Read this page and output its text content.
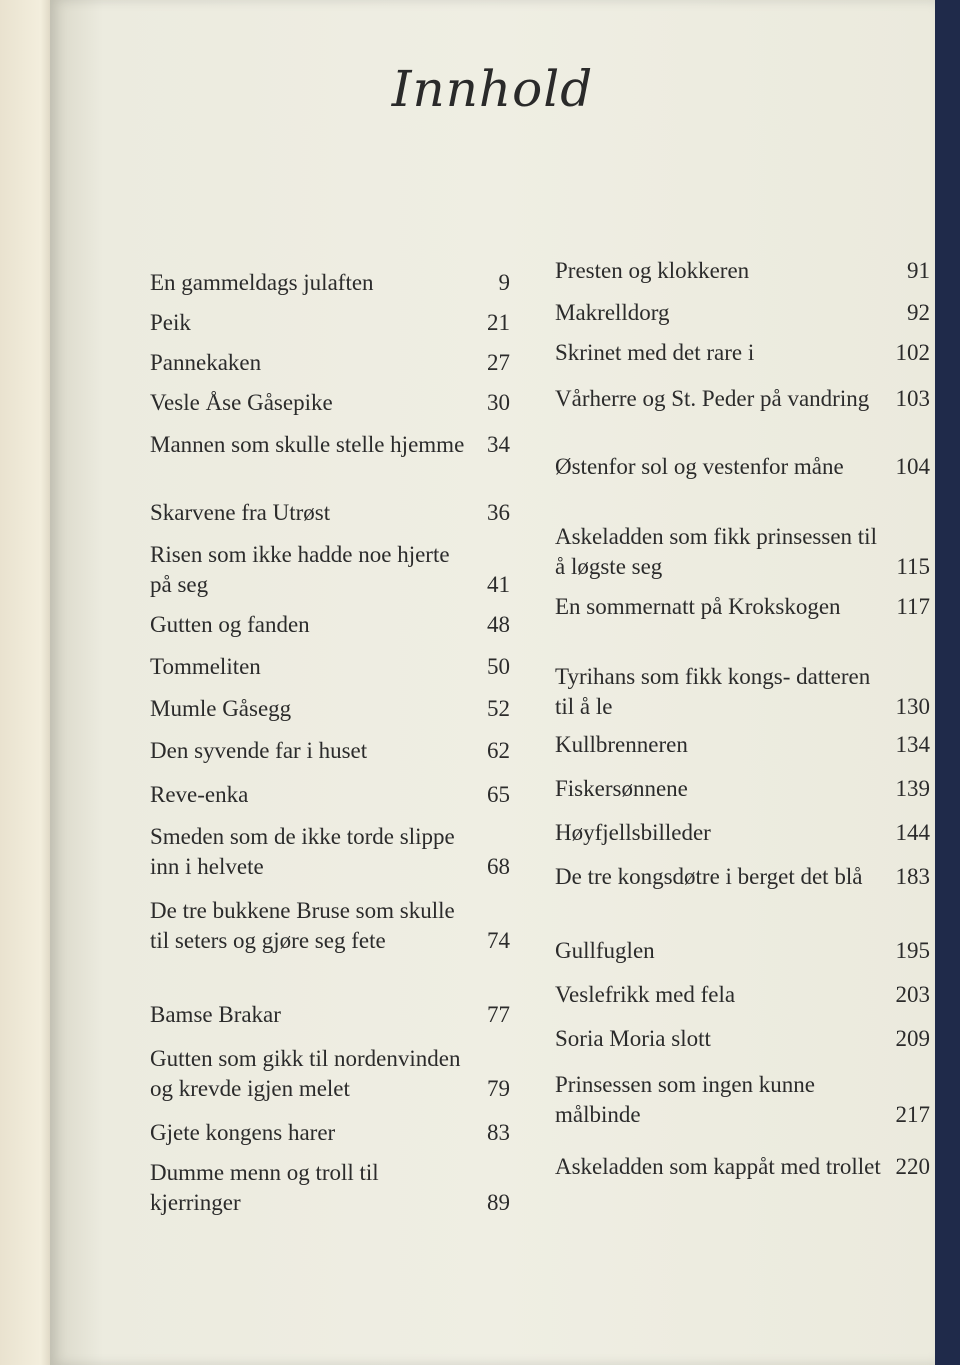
Innhold
En gammeldags julaften	9
Peik	21
Pannekaken	27
Vesle Åse Gåsepike	30
Mannen som skulle stelle hjemme 34
Skarvene fra Utrøst	36
Risen som ikke hadde noe hjerte på seg	41
Gutten og fanden	48
Tommeliten	50
Mumle Gåsegg	52
Den syvende far i huset	62
Reve-enka	65
Smeden som de ikke torde slippe inn i helvete	68
De tre bukkene Bruse som skulle til seters og gjøre seg fete	74
Bamse Brakar	77
Gutten som gikk til nordenvinden og krevde igjen melet	79
Gjete kongens harer	83
Dumme menn og troll til kjerringer	89
Presten og klokkeren	91
Makrelldorg	92
Skrinet med det rare i	102
Vårherre og St. Peder på vandring	103
Østenfor sol og vestenfor måne	104
Askeladden som fikk prinsessen til å løgste seg	115
En sommernatt på Krokskogen	117
Tyrihans som fikk kongs- datteren til å le	130
Kullbrenneren	134
Fiskersønnene	139
Høyfjellsbilleder	144
De tre kongsdøtre i berget det blå	183
Gullfuglen	195
Veslefrikk med fela	203
Soria Moria slott	209
Prinsessen som ingen kunne målbinde	217
Askeladden som kappåt med trollet 220
